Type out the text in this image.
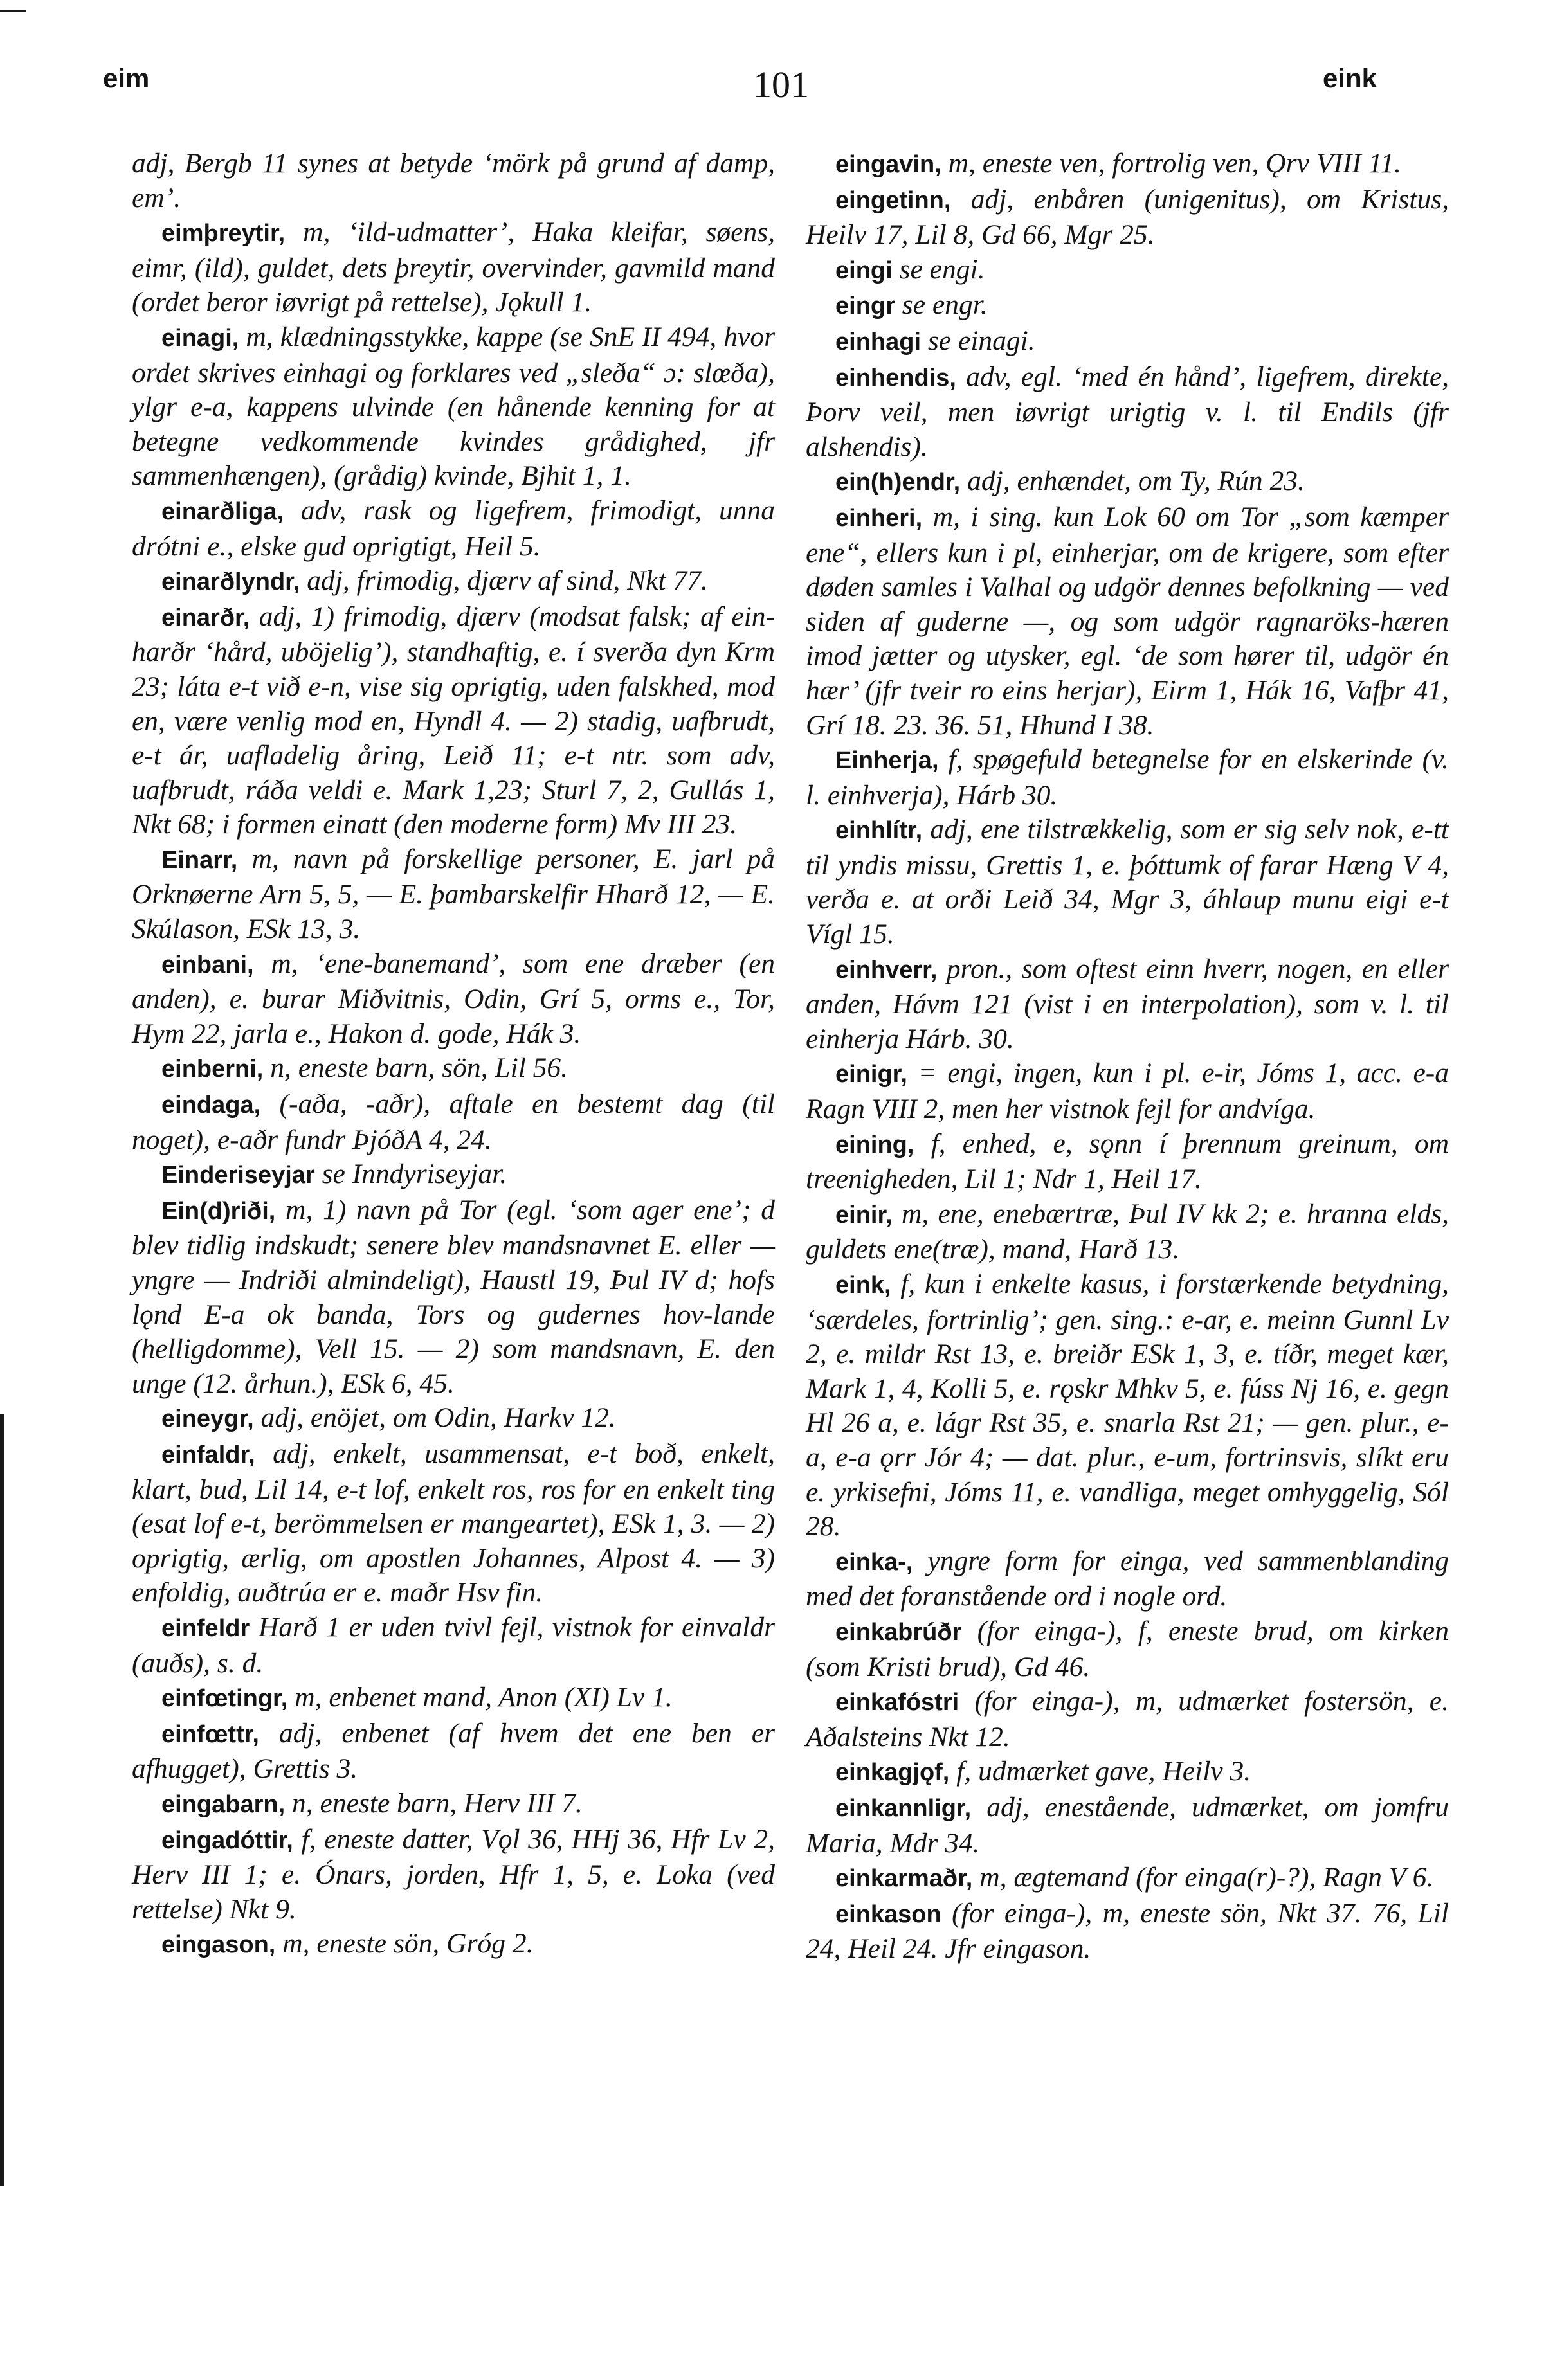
eim	101	eink

adj, Bergb 11 synes at betyde ‘mörk på grund af damp, em’.

eimþreytir, m, ‘ild-udmatter’, Haka kleifar, søens, eimr, (ild), guldet, dets þreytir, overvinder, gavmild mand (ordet beror iøvrigt på rettelse), Jǫkull 1.

einagi, m, klædningsstykke, kappe (se SnE II 494, hvor ordet skrives einhagi og forklares ved „sleða“ ɔ: slœða), ylgr e-a, kappens ulvinde (en hånende kenning for at betegne vedkommende kvindes grådighed, jfr sammenhængen), (grådig) kvinde, Bjhit 1, 1.

einarðliga, adv, rask og ligefrem, frimodigt, unna drótni e., elske gud oprigtigt, Heil 5.

einarðlyndr, adj, frimodig, djærv af sind, Nkt 77.

einarðr, adj, 1) frimodig, djærv (modsat falsk; af ein-harðr ‘hård, uböjelig’), standhaftig, e. í sverða dyn Krm 23; láta e-t við e-n, vise sig oprigtig, uden falskhed, mod en, være venlig mod en, Hyndl 4. — 2) stadig, uafbrudt, e-t ár, uafladelig åring, Leið 11; e-t ntr. som adv, uafbrudt, ráða veldi e. Mark 1,23; Sturl 7, 2, Gullás 1, Nkt 68; i formen einatt (den moderne form) Mv III 23.

Einarr, m, navn på forskellige personer, E. jarl på Orknøerne Arn 5, 5, — E. þambarskelfir Hharð 12, — E. Skúlason, ESk 13, 3.

einbani, m, ‘ene-banemand’, som ene dræber (en anden), e. burar Miðvitnis, Odin, Grí 5, orms e., Tor, Hym 22, jarla e., Hakon d. gode, Hák 3.

einberni, n, eneste barn, sön, Lil 56.

eindaga, (-aða, -aðr), aftale en bestemt dag (til noget), e-aðr fundr ÞjóðA 4, 24.

Einderiseyjar se Inndyriseyjar.

Ein(d)riði, m, 1) navn på Tor (egl. ‘som ager ene’; d blev tidlig indskudt; senere blev mandsnavnet E. eller — yngre — Indriði almindeligt), Haustl 19, Þul IV d; hofs lǫnd E-a ok banda, Tors og gudernes hov-lande (helligdomme), Vell 15. — 2) som mandsnavn, E. den unge (12. århun.), ESk 6, 45.

eineygr, adj, enöjet, om Odin, Harkv 12.

einfaldr, adj, enkelt, usammensat, e-t boð, enkelt, klart, bud, Lil 14, e-t lof, enkelt ros, ros for en enkelt ting (esat lof e-t, berömmelsen er mangeartet), ESk 1, 3. — 2) oprigtig, ærlig, om apostlen Johannes, Alpost 4. — 3) enfoldig, auðtrúa er e. maðr Hsv fin.

einfeldr Harð 1 er uden tvivl fejl, vistnok for einvaldr (auðs), s. d.

einfœtingr, m, enbenet mand, Anon (XI) Lv 1.

einfœttr, adj, enbenet (af hvem det ene ben er afhugget), Grettis 3.

eingabarn, n, eneste barn, Herv III 7.

eingadóttir, f, eneste datter, Vǫl 36, HHj 36, Hfr Lv 2, Herv III 1; e. Ónars, jorden, Hfr 1, 5, e. Loka (ved rettelse) Nkt 9.

eingason, m, eneste sön, Gróg 2.

eingavin, m, eneste ven, fortrolig ven, Ǫrv VIII 11.

eingetinn, adj, enbåren (unigenitus), om Kristus, Heilv 17, Lil 8, Gd 66, Mgr 25.

eingi se engi.

eingr se engr.

einhagi se einagi.

einhendis, adv, egl. ‘med én hånd’, ligefrem, direkte, Þorv veil, men iøvrigt urigtig v. l. til Endils (jfr alshendis).

ein(h)endr, adj, enhændet, om Ty, Rún 23.

einheri, m, i sing. kun Lok 60 om Tor „som kæmper ene“, ellers kun i pl, einherjar, om de krigere, som efter døden samles i Valhal og udgör dennes befolkning — ved siden af guderne —, og som udgör ragnaröks-hæren imod jætter og utysker, egl. ‘de som hører til, udgör én hær’ (jfr tveir ro eins herjar), Eirm 1, Hák 16, Vafþr 41, Grí 18. 23. 36. 51, Hhund I 38.

Einherja, f, spøgefuld betegnelse for en elskerinde (v. l. einhverja), Hárb 30.

einhlítr, adj, ene tilstrækkelig, som er sig selv nok, e-tt til yndis missu, Grettis 1, e. þóttumk of farar Hæng V 4, verða e. at orði Leið 34, Mgr 3, áhlaup munu eigi e-t Vígl 15.

einhverr, pron., som oftest einn hverr, nogen, en eller anden, Hávm 121 (vist i en interpolation), som v. l. til einherja Hárb. 30.

einigr, = engi, ingen, kun i pl. e-ir, Jóms 1, acc. e-a Ragn VIII 2, men her vistnok fejl for andvíga.

eining, f, enhed, e, sǫnn í þrennum greinum, om treenigheden, Lil 1; Ndr 1, Heil 17.

einir, m, ene, enebærtræ, Þul IV kk 2; e. hranna elds, guldets ene(træ), mand, Harð 13.

eink, f, kun i enkelte kasus, i forstærkende betydning, ‘særdeles, fortrinlig’; gen. sing.: e-ar, e. meinn Gunnl Lv 2, e. mildr Rst 13, e. breiðr ESk 1, 3, e. tíðr, meget kær, Mark 1, 4, Kolli 5, e. rǫskr Mhkv 5, e. fúss Nj 16, e. gegn Hl 26 a, e. lágr Rst 35, e. snarla Rst 21; — gen. plur., e-a, e-a ǫrr Jór 4; — dat. plur., e-um, fortrinsvis, slíkt eru e. yrkisefni, Jóms 11, e. vandliga, meget omhyggelig, Sól 28.

einka-, yngre form for einga, ved sammenblanding med det foranstående ord i nogle ord.

einkabrúðr (for einga-), f, eneste brud, om kirken (som Kristi brud), Gd 46.

einkafóstri (for einga-), m, udmærket fostersön, e. Aðalsteins Nkt 12.

einkagjǫf, f, udmærket gave, Heilv 3.

einkannligr, adj, enestående, udmærket, om jomfru Maria, Mdr 34.

einkarmaðr, m, ægtemand (for einga(r)-?), Ragn V 6.

einkason (for einga-), m, eneste sön, Nkt 37. 76, Lil 24, Heil 24. Jfr eingason.
